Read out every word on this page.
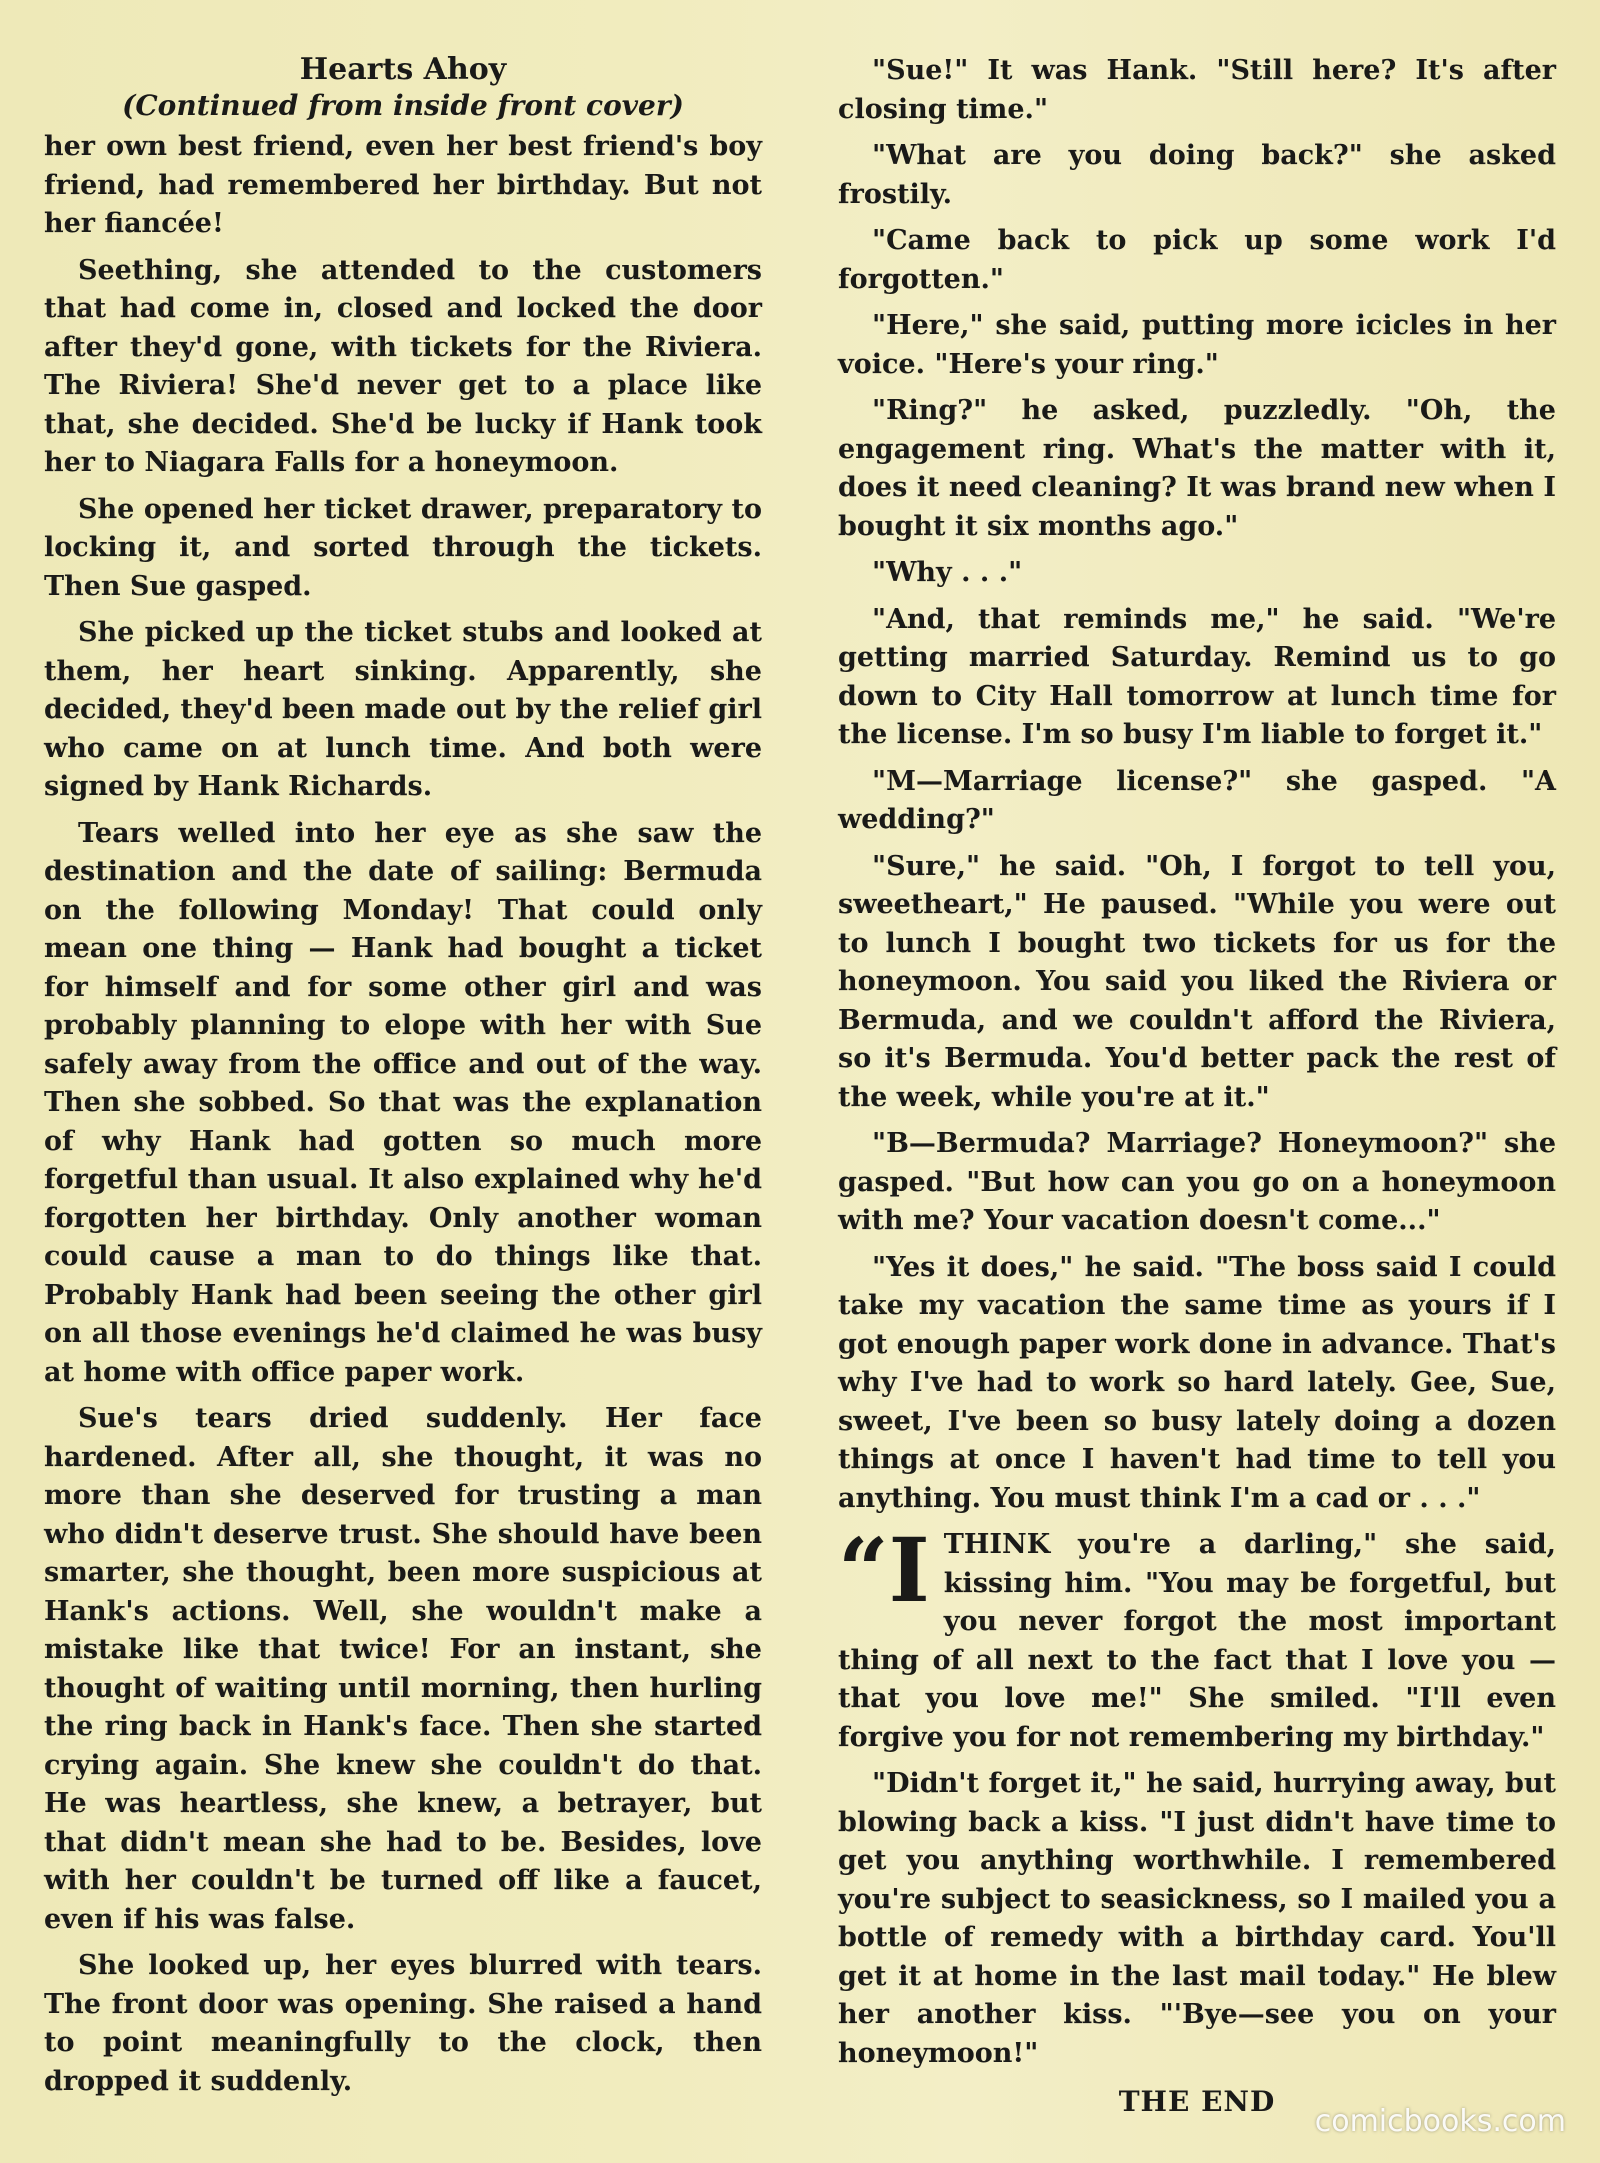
Hearts Ahoy
(Continued from inside front cover)

her own best friend, even her best friend's boy friend, had remembered her birthday. But not her fiancée!

Seething, she attended to the customers that had come in, closed and locked the door after they'd gone, with tickets for the Riviera. The Riviera! She'd never get to a place like that, she decided. She'd be lucky if Hank took her to Niagara Falls for a honeymoon.

She opened her ticket drawer, preparatory to locking it, and sorted through the tickets. Then Sue gasped.

She picked up the ticket stubs and looked at them, her heart sinking. Apparently, she decided, they'd been made out by the relief girl who came on at lunch time. And both were signed by Hank Richards.

Tears welled into her eye as she saw the destination and the date of sailing: Bermuda on the following Monday! That could only mean one thing — Hank had bought a ticket for himself and for some other girl and was probably planning to elope with her with Sue safely away from the office and out of the way. Then she sobbed. So that was the explanation of why Hank had gotten so much more forgetful than usual. It also explained why he'd forgotten her birthday. Only another woman could cause a man to do things like that. Probably Hank had been seeing the other girl on all those evenings he'd claimed he was busy at home with office paper work.

Sue's tears dried suddenly. Her face hardened. After all, she thought, it was no more than she deserved for trusting a man who didn't deserve trust. She should have been smarter, she thought, been more suspicious at Hank's actions. Well, she wouldn't make a mistake like that twice! For an instant, she thought of waiting until morning, then hurling the ring back in Hank's face. Then she started crying again. She knew she couldn't do that. He was heartless, she knew, a betrayer, but that didn't mean she had to be. Besides, love with her couldn't be turned off like a faucet, even if his was false.

She looked up, her eyes blurred with tears. The front door was opening. She raised a hand to point meaningfully to the clock, then dropped it suddenly.

"Sue!" It was Hank. "Still here? It's after closing time."

"What are you doing back?" she asked frostily.

"Came back to pick up some work I'd forgotten."

"Here," she said, putting more icicles in her voice. "Here's your ring."

"Ring?" he asked, puzzledly. "Oh, the engagement ring. What's the matter with it, does it need cleaning? It was brand new when I bought it six months ago."

"Why . . ."

"And, that reminds me," he said. "We're getting married Saturday. Remind us to go down to City Hall tomorrow at lunch time for the license. I'm so busy I'm liable to forget it."

"M—Marriage license?" she gasped. "A wedding?"

"Sure," he said. "Oh, I forgot to tell you, sweetheart," He paused. "While you were out to lunch I bought two tickets for us for the honeymoon. You said you liked the Riviera or Bermuda, and we couldn't afford the Riviera, so it's Bermuda. You'd better pack the rest of the week, while you're at it."

"B—Bermuda? Marriage? Honeymoon?" she gasped. "But how can you go on a honeymoon with me? Your vacation doesn't come..."

"Yes it does," he said. "The boss said I could take my vacation the same time as yours if I got enough paper work done in advance. That's why I've had to work so hard lately. Gee, Sue, sweet, I've been so busy lately doing a dozen things at once I haven't had time to tell you anything. You must think I'm a cad or . . ."

“I THINK you're a darling," she said, kissing him. "You may be forgetful, but you never forgot the most important thing of all next to the fact that I love you — that you love me!" She smiled. "I'll even forgive you for not remembering my birthday."

"Didn't forget it," he said, hurrying away, but blowing back a kiss. "I just didn't have time to get you anything worthwhile. I remembered you're subject to seasickness, so I mailed you a bottle of remedy with a birthday card. You'll get it at home in the last mail today." He blew her another kiss. "'Bye—see you on your honeymoon!"

THE END
comicbooks.com
